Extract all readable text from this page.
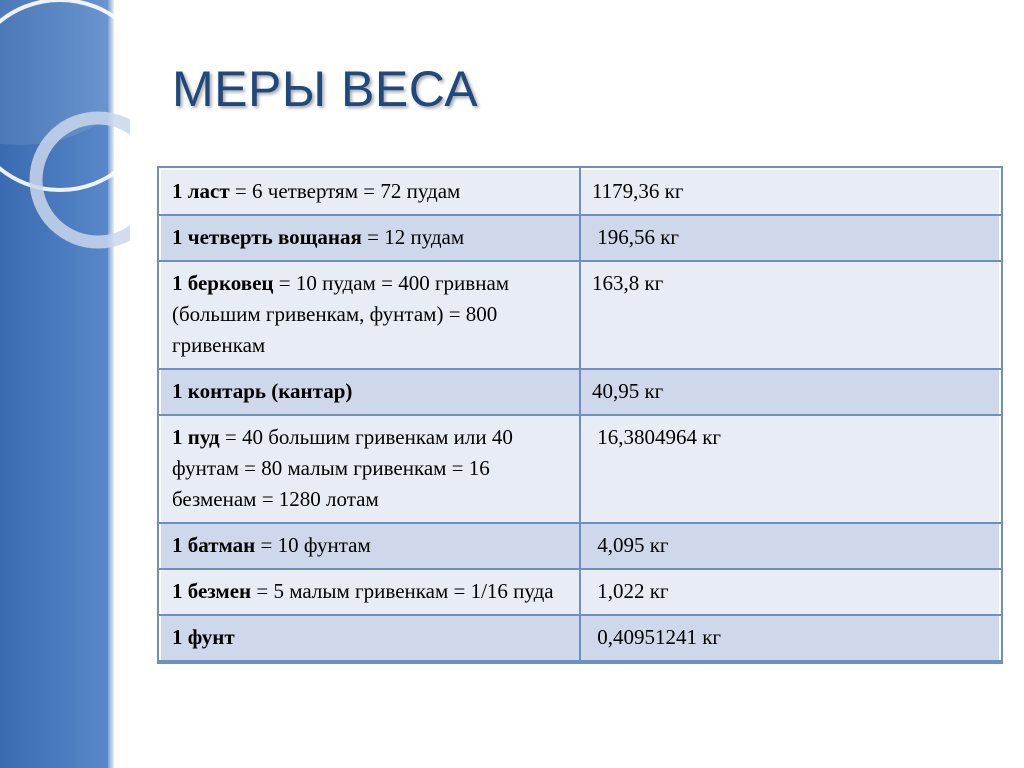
МЕРЫ ВЕСА
1 ласт = 6 четвертям = 72 пудам	1179,36 кг
1 четверть вощаная = 12 пудам	196,56 кг
1 берковец = 10 пудам = 400 гривнам (большим гривенкам, фунтам) = 800 гривенкам	163,8 кг
1 контарь (кантар)	40,95 кг
1 пуд = 40 большим гривенкам или 40 фунтам = 80 малым гривенкам = 16 безменам = 1280 лотам	16,3804964 кг
1 батман = 10 фунтам	4,095 кг
1 безмен = 5 малым гривенкам = 1/16 пуда	1,022 кг
1 фунт	0,40951241 кг
